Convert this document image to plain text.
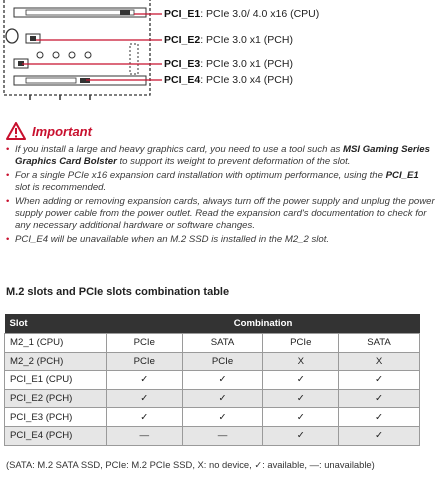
PCI_E1: PCIe 3.0/ 4.0 x16 (CPU)
PCI_E2: PCIe 3.0 x1 (PCH)
PCI_E3: PCIe 3.0 x1 (PCH)
PCI_E4: PCIe 3.0 x4 (PCH)
Important
• If you install a large and heavy graphics card, you need to use a tool such as MSI Gaming Series Graphics Card Bolster to support its weight to prevent deformation of the slot.
• For a single PCIe x16 expansion card installation with optimum performance, using the PCI_E1 slot is recommended.
• When adding or removing expansion cards, always turn off the power supply and unplug the power supply power cable from the power outlet. Read the expansion card's documentation to check for any necessary additional hardware or software changes.
• PCI_E4 will be unavailable when an M.2 SSD is installed in the M2_2 slot.
M.2 slots and PCIe slots combination table
Slot	Combination			
M2_1 (CPU)	PCIe	SATA	PCIe	SATA
M2_2 (PCH)	PCIe	PCIe	X	X
PCI_E1 (CPU)	✓	✓	✓	✓
PCI_E2 (PCH)	✓	✓	✓	✓
PCI_E3 (PCH)	✓	✓	✓	✓
PCI_E4 (PCH)	—	—	✓	✓
(SATA: M.2 SATA SSD, PCIe: M.2 PCIe SSD, X: no device, ✓: available, —: unavailable)
